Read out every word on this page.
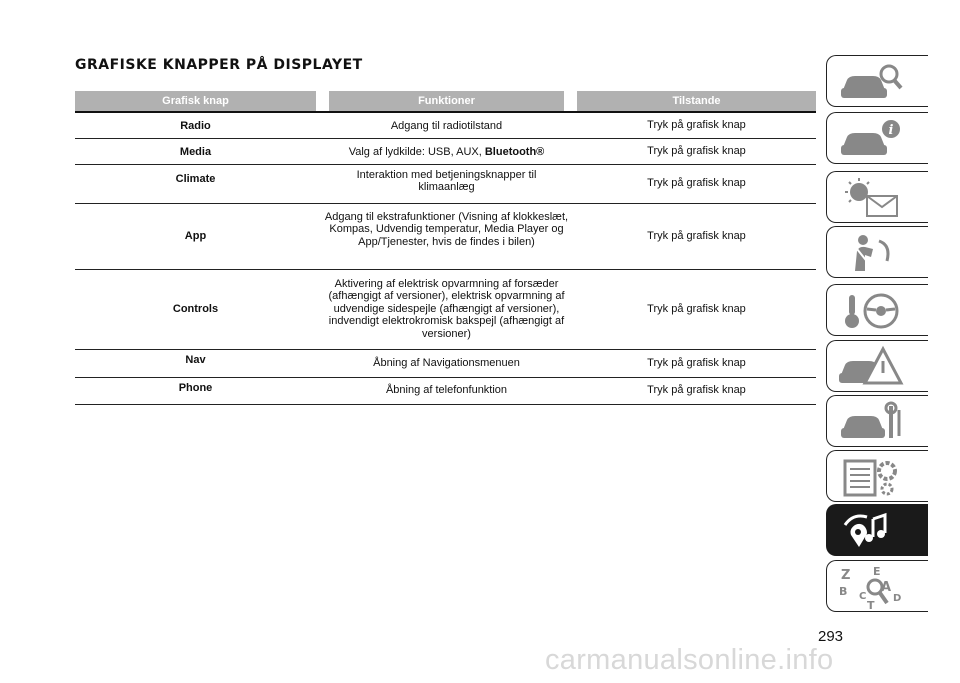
GRAFISKE KNAPPER PÅ DISPLAYET
Grafisk knap		Funktioner		Tilstande
Radio	Adgang til radiotilstand			Tryk på grafisk knap
Media	Valg af lydkilde: USB, AUX, Bluetooth®			Tryk på grafisk knap
Climate	Interaktion med betjeningsknapper til klimaanlæg			Tryk på grafisk knap
App	Adgang til ekstrafunktioner (Visning af klokkeslæt, Kompas, Udvendig temperatur, Media Player og App/Tjenester, hvis de findes i bilen)			Tryk på grafisk knap
Controls	Aktivering af elektrisk opvarmning af forsæder (afhængigt af versioner), elektrisk opvarmning af udvendige sidespejle (afhængigt af versioner), indvendigt elektrokromisk bakspejl (afhængigt af versioner)			Tryk på grafisk knap
Nav	Åbning af Navigationsmenuen			Tryk på grafisk knap
Phone	Åbning af telefonfunktion			Tryk på grafisk knap
i
Z E
B	A
C	D
T
293
carmanualsonline.info
